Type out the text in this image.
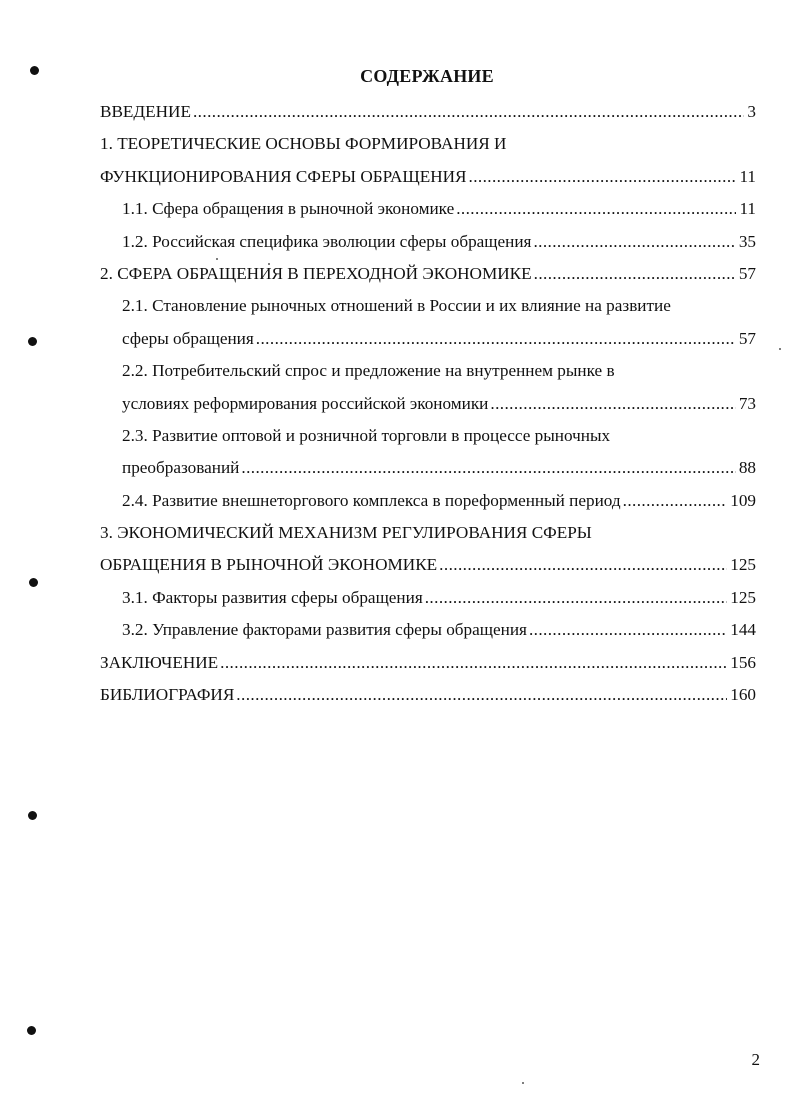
СОДЕРЖАНИЕ
ВВЕДЕНИЕ .....	3
1. ТЕОРЕТИЧЕСКИЕ ОСНОВЫ ФОРМИРОВАНИЯ И
ФУНКЦИОНИРОВАНИЯ СФЕРЫ ОБРАЩЕНИЯ .....	11
1.1. Сфера обращения в рыночной экономике .....	11
1.2. Российская специфика эволюции сферы обращения .....	35
2. СФЕРА ОБРАЩЕНИЯ В ПЕРЕХОДНОЙ ЭКОНОМИКЕ .....	57
2.1. Становление рыночных отношений в России и их влияние на развитие
сферы обращения .....	57
2.2. Потребительский спрос и предложение на внутреннем рынке в
условиях реформирования российской экономики .....	73
2.3. Развитие оптовой и розничной торговли в процессе рыночных
преобразований .....	88
2.4. Развитие внешнеторгового комплекса в пореформенный период .....	109
3. ЭКОНОМИЧЕСКИЙ МЕХАНИЗМ РЕГУЛИРОВАНИЯ СФЕРЫ
ОБРАЩЕНИЯ В РЫНОЧНОЙ ЭКОНОМИКЕ .....	125
3.1. Факторы развития сферы обращения .....	125
3.2. Управление факторами развития сферы обращения .....	144
ЗАКЛЮЧЕНИЕ .....	156
БИБЛИОГРАФИЯ .....	160
2
